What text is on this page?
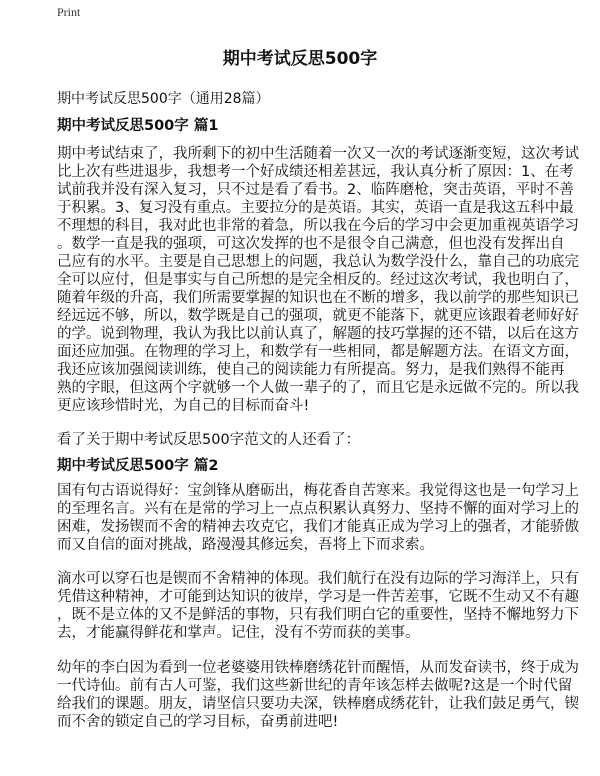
Print
期中考试反思500字
期中考试反思500字（通用28篇）
期中考试反思500字 篇1
期中考试结束了，我所剩下的初中生活随着一次又一次的考试逐渐变短，这次考试
比上次有些进退步，我想考一个好成绩还相差甚远，我认真分析了原因：1、在考
试前我并没有深入复习，只不过是看了看书。2、临阵磨枪，突击英语，平时不善
于积累。3、复习没有重点。主要拉分的是英语。其实，英语一直是我这五科中最
不理想的科目，我对此也非常的着急，所以我在今后的学习中会更加重视英语学习
。数学一直是我的强项，可这次发挥的也不是很令自己满意，但也没有发挥出自
己应有的水平。主要是自己思想上的问题，我总认为数学没什么，靠自己的功底完
全可以应付，但是事实与自己所想的是完全相反的。经过这次考试，我也明白了，
随着年级的升高，我们所需要掌握的知识也在不断的增多，我以前学的那些知识已
经远远不够，所以，数学既是自己的强项，就更不能落下，就更应该跟着老师好好
的学。说到物理，我认为我比以前认真了，解题的技巧掌握的还不错，以后在这方
面还应加强。在物理的学习上，和数学有一些相同，都是解题方法。在语文方面，
我还应该加强阅读训练，使自己的阅读能力有所提高。努力，是我们熟得不能再
熟的字眼，但这两个字就够一个人做一辈子的了，而且它是永远做不完的。所以我
更应该珍惜时光，为自己的目标而奋斗!
看了关于期中考试反思500字范文的人还看了：
期中考试反思500字 篇2
国有句古语说得好：宝剑锋从磨砺出，梅花香自苦寒来。我觉得这也是一句学习上
的至理名言。兴有在是常的学习上一点点积累认真努力、坚持不懈的面对学习上的
困难，发扬锲而不舍的精神去攻克它，我们才能真正成为学习上的强者，才能骄傲
而又自信的面对挑战，路漫漫其修远矣，吾将上下而求索。
滴水可以穿石也是锲而不舍精神的体现。我们航行在没有边际的学习海洋上，只有
凭借这种精神，才可能到达知识的彼岸，学习是一件苦差事，它既不生动又不有趣
，既不是立体的又不是鲜活的事物，只有我们明白它的重要性，坚持不懈地努力下
去，才能赢得鲜花和掌声。记住，没有不劳而获的美事。
幼年的李白因为看到一位老婆婆用铁棒磨绣花针而醒悟，从而发奋读书，终于成为
一代诗仙。前有古人可鉴，我们这些新世纪的青年该怎样去做呢?这是一个时代留
给我们的课题。朋友，请坚信只要功夫深，铁棒磨成绣花针，让我们鼓足勇气，锲
而不舍的锁定自己的学习目标，奋勇前进吧!
